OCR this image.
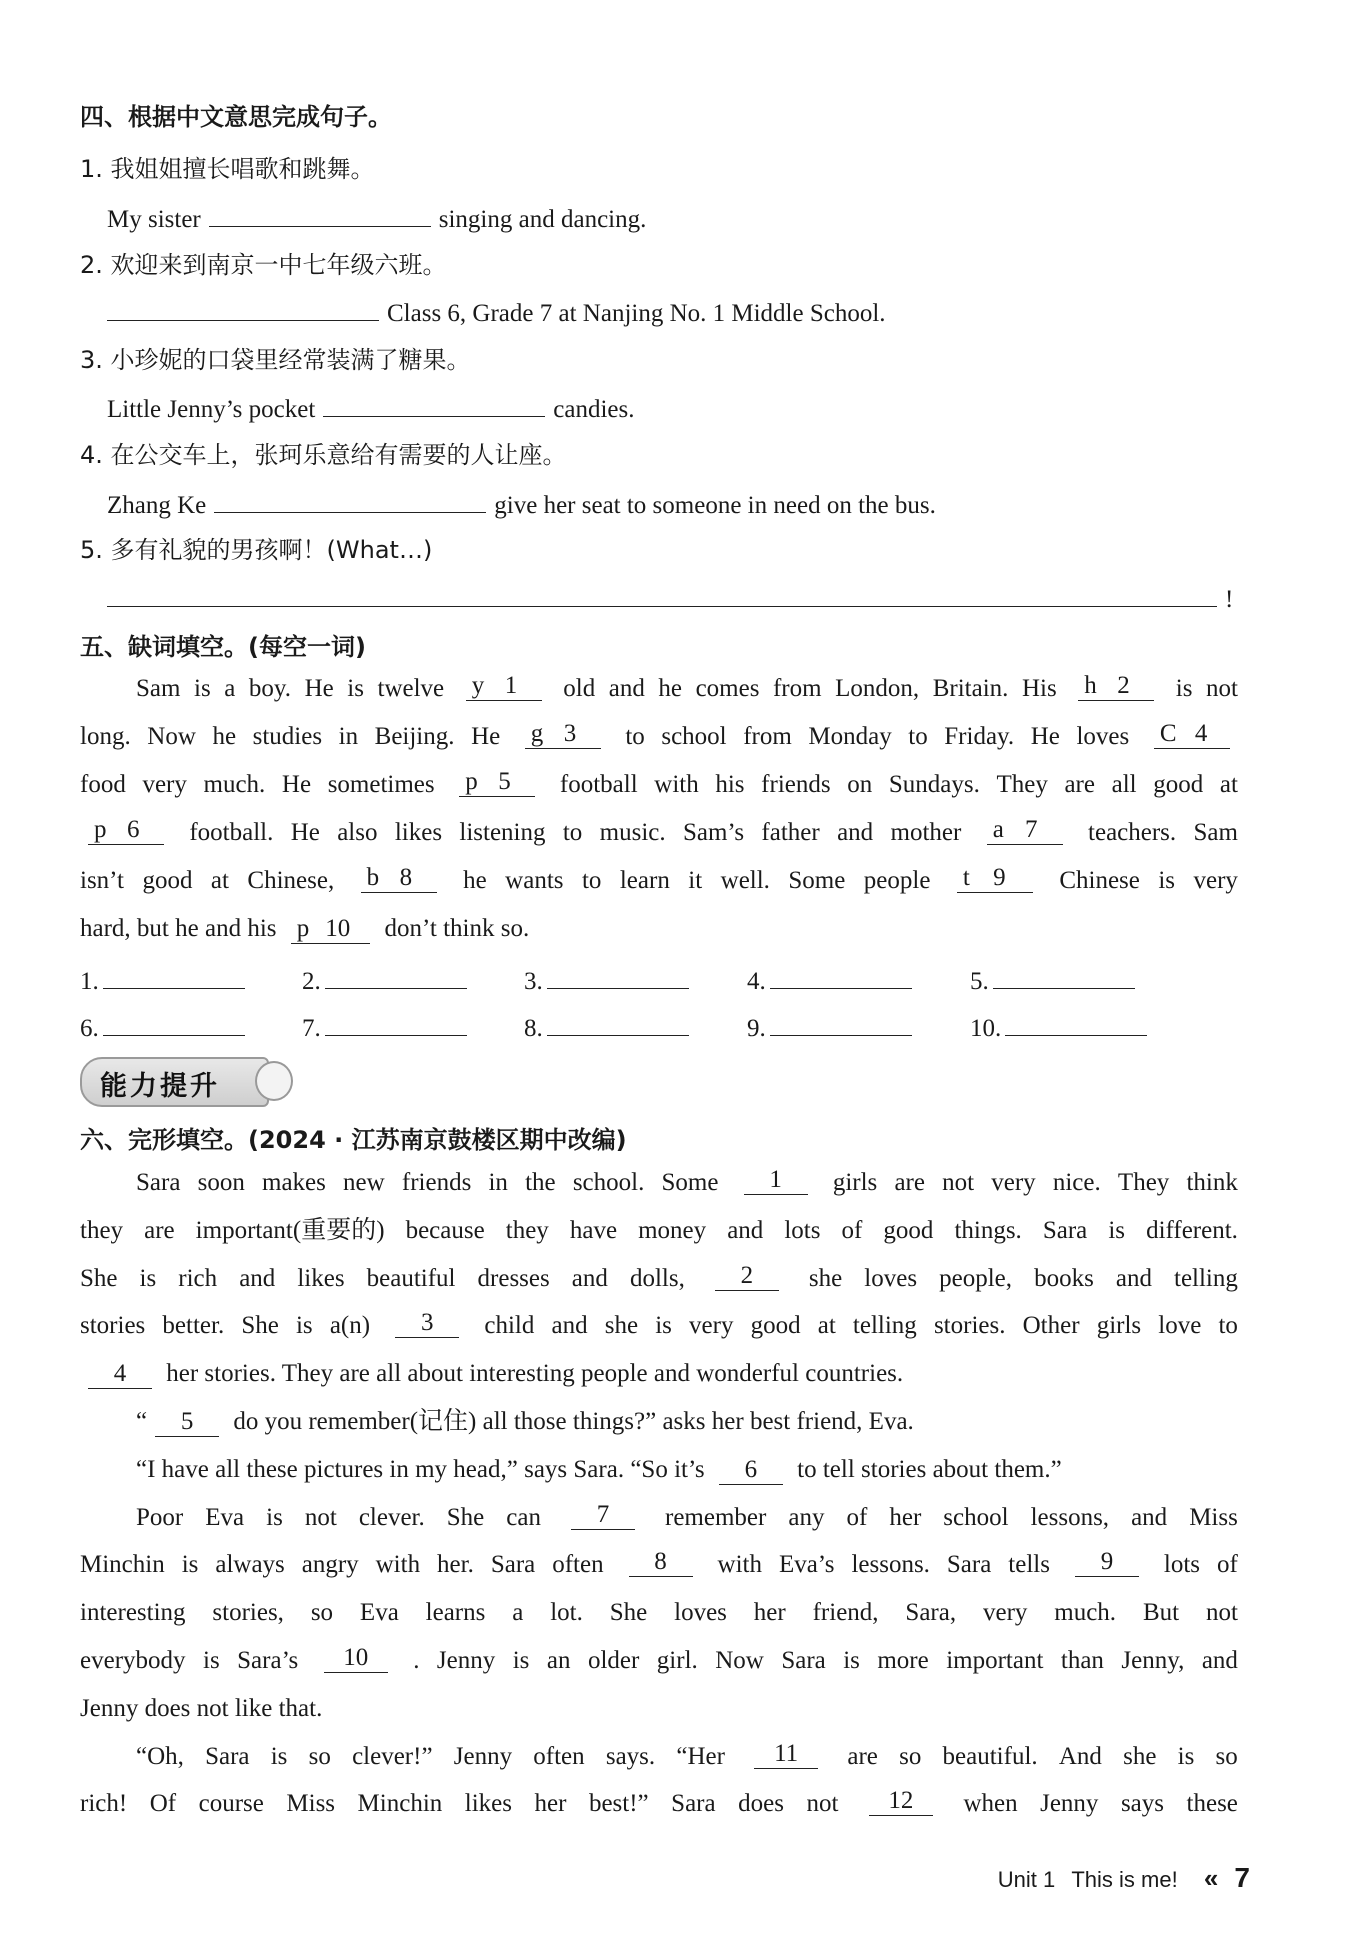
四、根据中文意思完成句子。
1. 我姐姐擅长唱歌和跳舞。
My sister	singing and dancing.
2. 欢迎来到南京一中七年级六班。
Class 6, Grade 7 at Nanjing No. 1 Middle School.
3. 小珍妮的口袋里经常装满了糖果。
Little Jenny’s pocket	candies.
4. 在公交车上，张珂乐意给有需要的人让座。
Zhang Ke	give her seat to someone in need on the bus.
5. 多有礼貌的男孩啊！(What…)
!
五、缺词填空。(每空一词)
Sam is a boy. He is twelve y 1	old and he comes from London, Britain. His h 2	is not
long. Now he studies in Beijing. He g 3	to school from Monday to Friday. He loves C 4
food very much. He sometimes p 5	football with his friends on Sundays. They are all good at
p 6	football. He also likes listening to music. Sam’s father and mother a 7	teachers. Sam
isn’t good at Chinese, b 8	he wants to learn it well. Some people t 9	Chinese is very
hard, but he and his p 10 don’t think so.
1.	2.	3.	4.	5.
6.	7.	8.	9.	10.
能力提升
六、完形填空。(2024 · 江苏南京鼓楼区期中改编)
Sara soon makes new friends in the school. Some	1	girls are not very nice. They think
they are important(重要的) because they have money and lots of good things. Sara is different.
She is rich and likes beautiful dresses and dolls,	2	she loves people, books and telling
stories better. She is a(n)	3	child and she is very good at telling stories. Other girls love to
4 her stories. They are all about interesting people and wonderful countries.
“ 5 do you remember(记住) all those things?” asks her best friend, Eva.
“I have all these pictures in my head,” says Sara. “So it’s 6 to tell stories about them.”
Poor Eva is not clever. She can	7	remember any of her school lessons, and Miss
Minchin is always angry with her. Sara often	8	with Eva’s lessons. Sara tells	9	lots of
interesting stories, so Eva learns a lot. She loves her friend, Sara, very much. But not
everybody is Sara’s	10	. Jenny is an older girl. Now Sara is more important than Jenny, and
Jenny does not like that.
“Oh, Sara is so clever!” Jenny often says. “Her	11	are so beautiful. And she is so
rich! Of course Miss Minchin likes her best!” Sara does not	12	when Jenny says these
Unit 1 This is me! « 7
